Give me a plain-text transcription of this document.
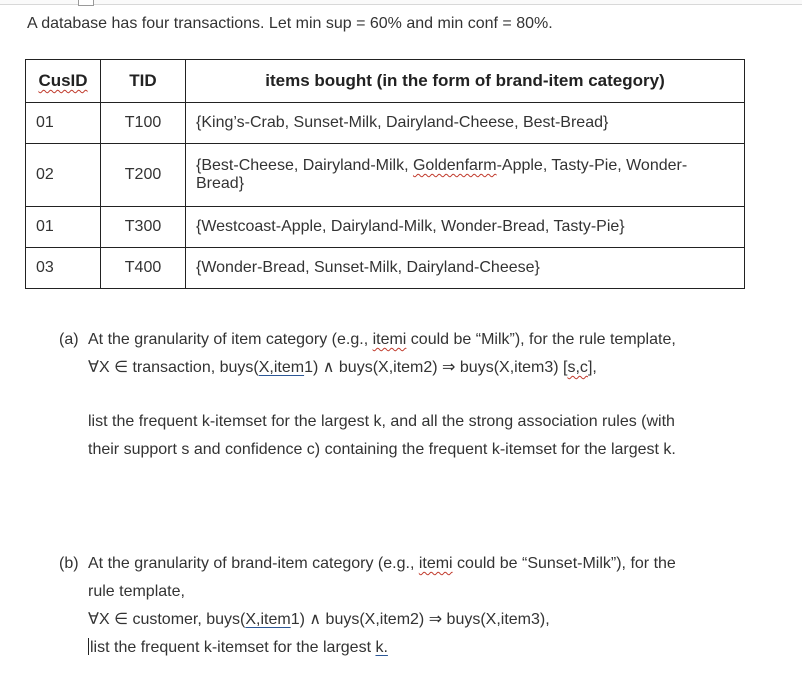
A database has four transactions. Let min sup = 60% and min conf = 80%.
CusID	TID	items bought (in the form of brand-item category)
01	T100	{King’s-Crab, Sunset-Milk, Dairyland-Cheese, Best-Bread}
02	T200	{Best-Cheese, Dairyland-Milk, Goldenfarm-Apple, Tasty-Pie, Wonder-
Bread}
01	T300	{Westcoast-Apple, Dairyland-Milk, Wonder-Bread, Tasty-Pie}
03	T400	{Wonder-Bread, Sunset-Milk, Dairyland-Cheese}
(a) At the granularity of item category (e.g., itemi could be “Milk”), for the rule template,
∀X ∈ transaction, buys(X,item1) ∧ buys(X,item2) ⇒ buys(X,item3) [s,c],
list the frequent k-itemset for the largest k, and all the strong association rules (with
their support s and confidence c) containing the frequent k-itemset for the largest k.
(b) At the granularity of brand-item category (e.g., itemi could be “Sunset-Milk”), for the
rule template,
∀X ∈ customer, buys(X,item1) ∧ buys(X,item2) ⇒ buys(X,item3),
list the frequent k-itemset for the largest k.
